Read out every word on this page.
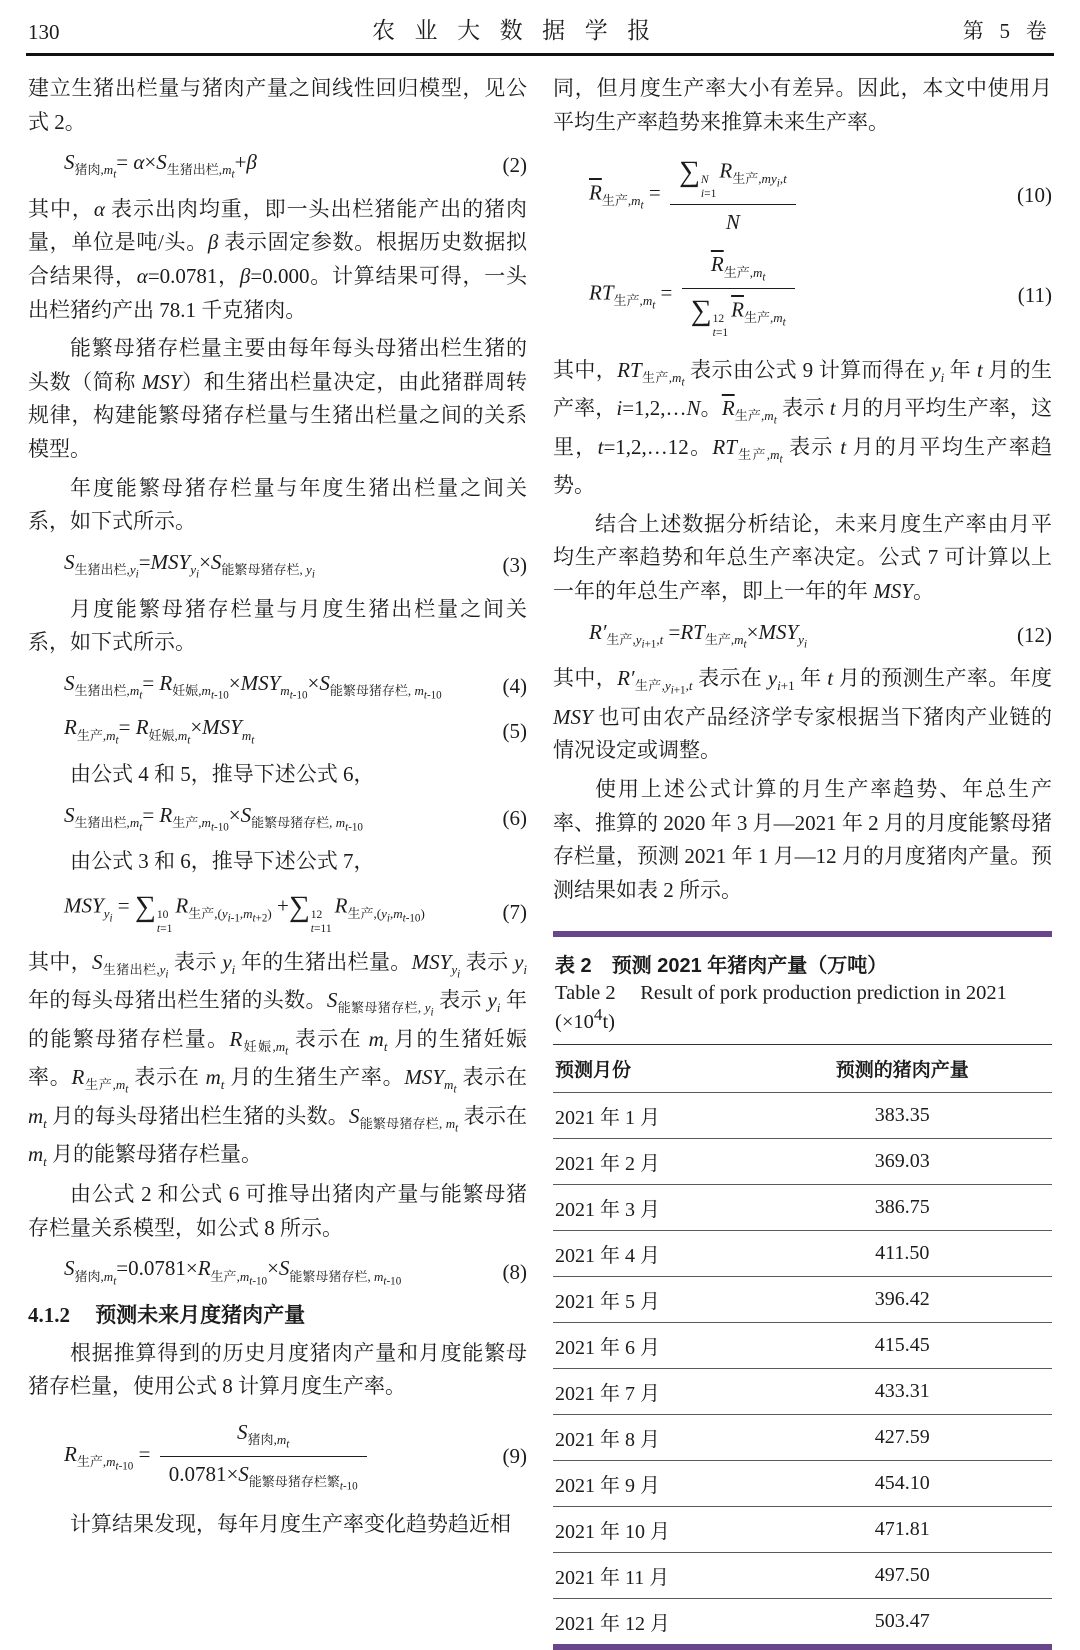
130	农业大数据学报	第 5 卷

建立生猪出栏量与猪肉产量之间线性回归模型，见公式 2。

$S_{猪肉,m_t}= \alpha\times S_{生猪出栏,m_t}+\beta$	(2)

其中，α 表示出肉均重，即一头出栏猪能产出的猪肉量，单位是吨/头。β 表示固定参数。根据历史数据拟合结果得，α=0.0781，β=0.000。计算结果可得，一头出栏猪约产出 78.1 千克猪肉。

能繁母猪存栏量主要由每年每头母猪出栏生猪的头数（简称 MSY）和生猪出栏量决定，由此猪群周转规律，构建能繁母猪存栏量与生猪出栏量之间的关系模型。

年度能繁母猪存栏量与年度生猪出栏量之间关系，如下式所示。

$S_{生猪出栏,y_i}=MSY_{y_i}\times S_{能繁母猪存栏, y_i}$	(3)

月度能繁母猪存栏量与月度生猪出栏量之间关系，如下式所示。

$S_{生猪出栏,m_t}= R_{妊娠,m_{t-10}}\times MSY_{m_{t-10}}\times S_{能繁母猪存栏, m_{t-10}}$	(4)
$R_{生产,m_t}= R_{妊娠,m_t}\times MSY_{m_t}$	(5)

由公式 4 和 5，推导下述公式 6，

$S_{生猪出栏,m_t}= R_{生产,m_{t-10}}\times S_{能繁母猪存栏, m_{t-10}}$	(6)

由公式 3 和 6，推导下述公式 7，

$MSY_{y_i}$ = ∑ 10
t=1
$R_{生产,(y_{i-1},m_{t+2})}$ +∑ 12
t=11
$R_{生产,(y_i,m_{t-10})}$	(7)

其中，$S_{生猪出栏,y_i}$ 表示 $y_i$ 年的生猪出栏量。$MSY_{y_i}$ 表示 $y_i$ 年的每头母猪出栏生猪的头数。$S_{能繁母猪存栏, y_i}$ 表示 $y_i$ 年的能繁母猪存栏量。$R_{妊娠,m_t}$ 表示在 $m_t$ 月的生猪妊娠率。$R_{生产,m_t}$ 表示在 $m_t$ 月的生猪生产率。$MSY_{m_t}$ 表示在 $m_t$ 月的每头母猪出栏生猪的头数。$S_{能繁母猪存栏, m_t}$ 表示在 $m_t$ 月的能繁母猪存栏量。

由公式 2 和公式 6 可推导出猪肉产量与能繁母猪存栏量关系模型，如公式 8 所示。

$S_{猪肉,m_t}=0.0781\times R_{生产,m_{t-10}}\times S_{能繁母猪存栏, m_{t-10}}$	(8)
4.1.2 预测未来月度猪肉产量

根据推算得到的历史月度猪肉产量和月度能繁母猪存栏量，使用公式 8 计算月度生产率。

$R_{生产,m_{t-10}} = \frac{S_{猪肉,m_t}}{0.0781\times S_{能繁母猪存栏繁_{t-10}}}$	(9)

计算结果发现，每年月度生产率变化趋势趋近相

同，但月度生产率大小有差异。因此，本文中使用月平均生产率趋势来推算未来生产率。

$\overline{R}_{生产,m_t}$ = ∑ N
i=1
$R_{生产,my_i,t}$
N	(10)
$RT_{生产,m_t} = \overline{R}_{生产,m_t}$
∑ 12
t=1
$\overline{R}_{生产,m_t}$	(11)

其中，$RT_{生产,m_t}$ 表示由公式 9 计算而得在 $y_i$ 年 t 月的生产率，i=1,2,…N。$\overline{R}_{生产,m_t}$ 表示 t 月的月平均生产率，这里，t=1,2,…12。$RT_{生产,m_t}$ 表示 t 月的月平均生产率趋势。

结合上述数据分析结论，未来月度生产率由月平均生产率趋势和年总生产率决定。公式 7 可计算以上一年的年总生产率，即上一年的年 MSY。

$R'_{生产,y_{i+1},t} =RT_{生产,m_t}\times MSY_{y_i}$	(12)

其中，$R'_{生产,y_{i+1},t}$ 表示在 $y_{i+1}$ 年 t 月的预测生产率。年度 MSY 也可由农产品经济学专家根据当下猪肉产业链的情况设定或调整。

使用上述公式计算的月生产率趋势、年总生产率、推算的 2020 年 3 月—2021 年 2 月的月度能繁母猪存栏量，预测 2021 年 1 月—12 月的月度猪肉产量。预测结果如表 2 所示。

表 2 预测 2021 年猪肉产量（万吨）
Table 2 Result of pork production prediction in 2021 $(\times 10^4t)$
预测月份	预测的猪肉产量
2021 年 1 月	383.35
2021 年 2 月	369.03
2021 年 3 月	386.75
2021 年 4 月	411.50
2021 年 5 月	396.42
2021 年 6 月	415.45
2021 年 7 月	433.31
2021 年 8 月	427.59
2021 年 9 月	454.10
2021 年 10 月	471.81
2021 年 11 月	497.50
2021 年 12 月	503.47
